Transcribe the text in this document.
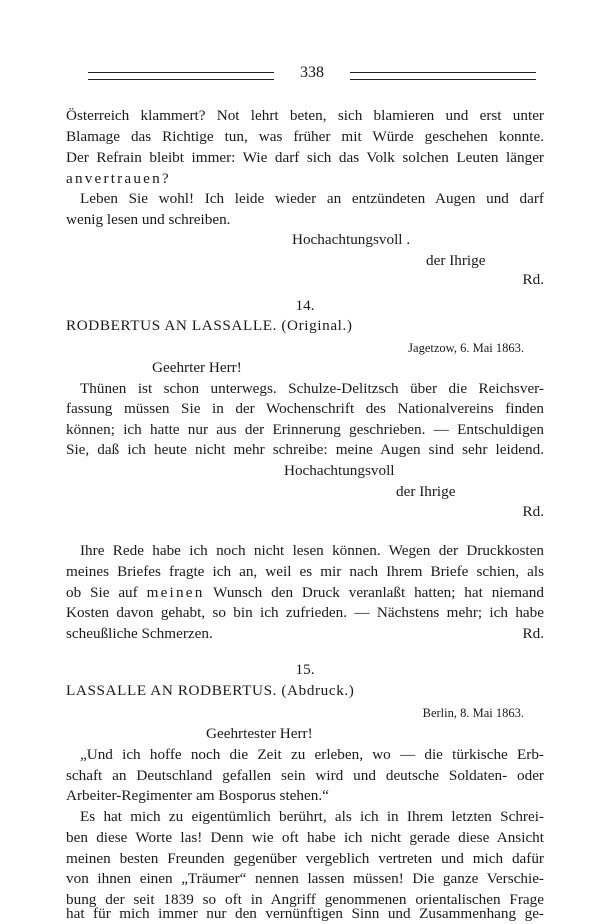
338
Österreich klammert? Not lehrt beten, sich blamieren und erst unter
Blamage das Richtige tun, was früher mit Würde geschehen konnte.
Der Refrain bleibt immer: Wie darf sich das Volk solchen Leuten länger
anvertrauen?
Leben Sie wohl! Ich leide wieder an entzündeten Augen und darf
wenig lesen und schreiben.
Hochachtungsvoll .
der Ihrige
Rd.
14.
RODBERTUS AN LASSALLE. (Original.)
Jagetzow, 6. Mai 1863.
Geehrter Herr!
Thünen ist schon unterwegs. Schulze-Delitzsch über die Reichsver-
fassung müssen Sie in der Wochenschrift des Nationalvereins finden
können; ich hatte nur aus der Erinnerung geschrieben. — Entschuldigen
Sie, daß ich heute nicht mehr schreibe: meine Augen sind sehr leidend.
Hochachtungsvoll
der Ihrige
Rd.
Ihre Rede habe ich noch nicht lesen können. Wegen der Druckkosten
meines Briefes fragte ich an, weil es mir nach Ihrem Briefe schien, als
ob Sie auf meinen Wunsch den Druck veranlaßt hatten; hat niemand
Kosten davon gehabt, so bin ich zufrieden. — Nächstens mehr; ich habe
scheußliche Schmerzen.	Rd.
15.
LASSALLE AN RODBERTUS. (Abdruck.)
Berlin, 8. Mai 1863.
Geehrtester Herr!
„Und ich hoffe noch die Zeit zu erleben, wo — die türkische Erb-
schaft an Deutschland gefallen sein wird und deutsche Soldaten- oder
Arbeiter-Regimenter am Bosporus stehen.“
Es hat mich zu eigentümlich berührt, als ich in Ihrem letzten Schrei-
ben diese Worte las! Denn wie oft habe ich nicht gerade diese Ansicht
meinen besten Freunden gegenüber vergeblich vertreten und mich dafür
von ihnen einen „Träumer“ nennen lassen müssen! Die ganze Verschie-
bung der seit 1839 so oft in Angriff genommenen orientalischen Frage
hat für mich immer nur den vernünftigen Sinn und Zusammenhang ge-
